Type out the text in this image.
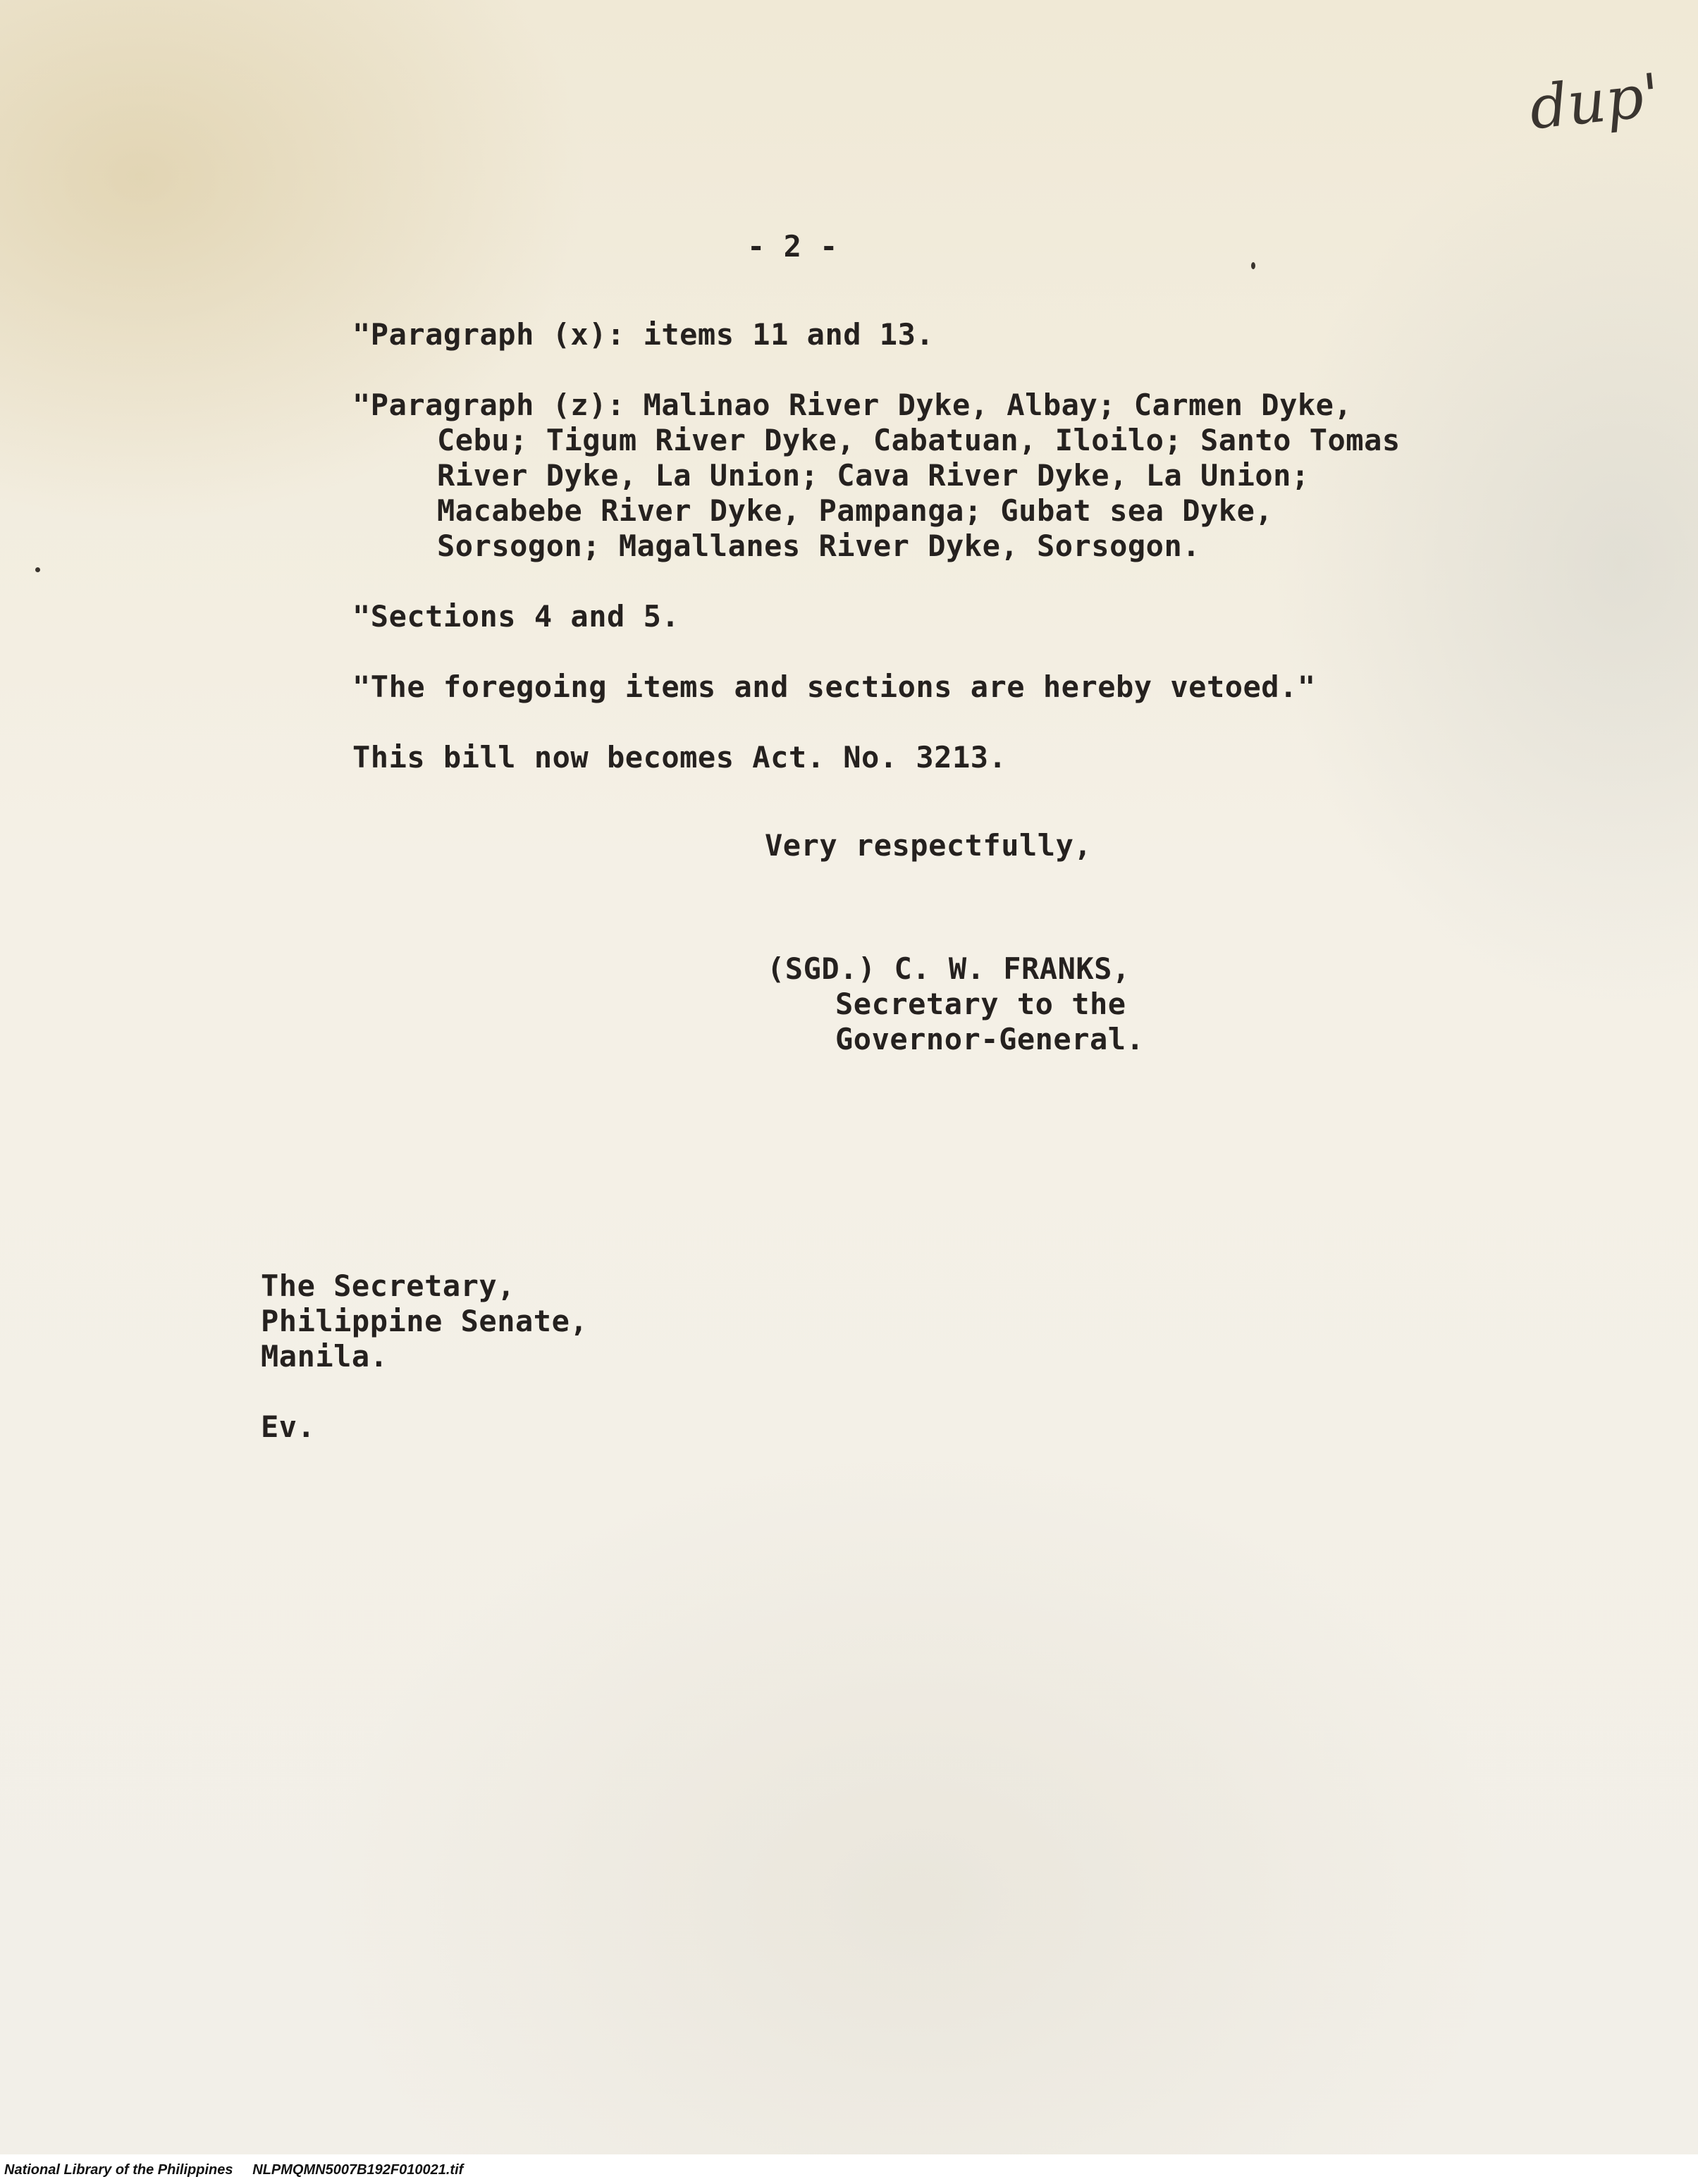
dup'
- 2 -
"Paragraph (x): items 11 and 13.
"Paragraph (z): Malinao River Dyke, Albay; Carmen Dyke,
Cebu; Tigum River Dyke, Cabatuan, Iloilo; Santo Tomas
River Dyke, La Union; Cava River Dyke, La Union;
Macabebe River Dyke, Pampanga; Gubat sea Dyke,
Sorsogon; Magallanes River Dyke, Sorsogon.
"Sections 4 and 5.
"The foregoing items and sections are hereby vetoed."
This bill now becomes Act. No. 3213.
Very respectfully,
(SGD.) C. W. FRANKS,
Secretary to the
Governor-General.
The Secretary,
Philippine Senate,
Manila.
Ev.
National Library of the Philippines     NLPMQMN5007B192F010021.tif
